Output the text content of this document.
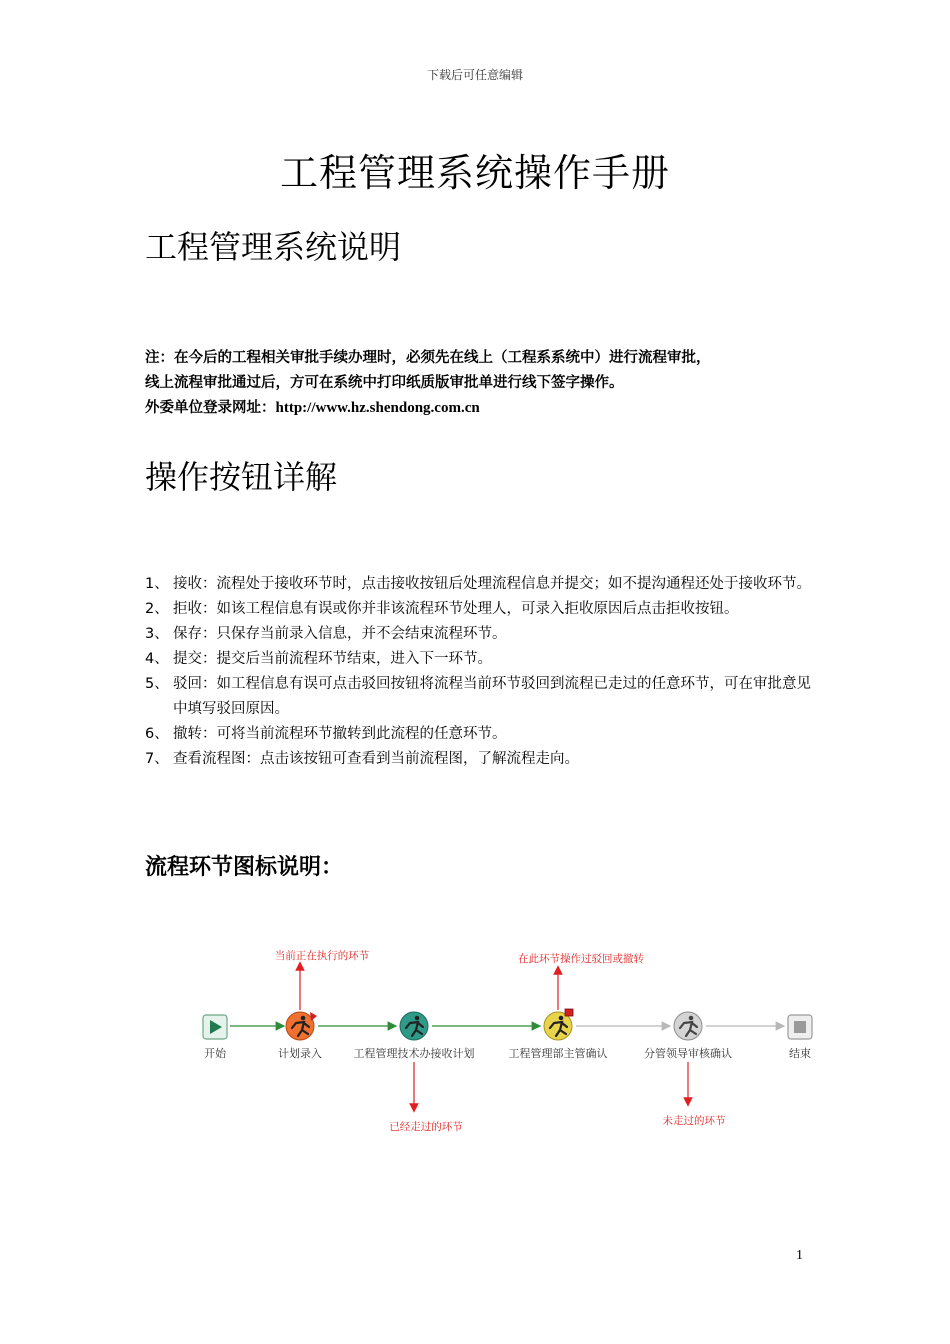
下载后可任意编辑
工程管理系统操作手册
工程管理系统说明
注：在今后的工程相关审批手续办理时，必须先在线上（工程系系统中）进行流程审批，
线上流程审批通过后，方可在系统中打印纸质版审批单进行线下签字操作。
外委单位登录网址：http://www.hz.shendong.com.cn
操作按钮详解
1、 接收：流程处于接收环节时，点击接收按钮后处理流程信息并提交；如不提沟通程还处于接收环节。
2、 拒收：如该工程信息有误或你并非该流程环节处理人，可录入拒收原因后点击拒收按钮。
3、 保存：只保存当前录入信息，并不会结束流程环节。
4、 提交：提交后当前流程环节结束，进入下一环节。
5、 驳回：如工程信息有误可点击驳回按钮将流程当前环节驳回到流程已走过的任意环节，可在审批意见中填写驳回原因。
6、 撤转：可将当前流程环节撤转到此流程的任意环节。
7、 查看流程图：点击该按钮可查看到当前流程图，了解流程走向。
流程环节图标说明：
开始	计划录入	工程管理技术办接收计划	工程管理部主管确认	分管领导审核确认	结束
当前正在执行的环节	在此环节操作过驳回或撤转
已经走过的环节	未走过的环节
1
